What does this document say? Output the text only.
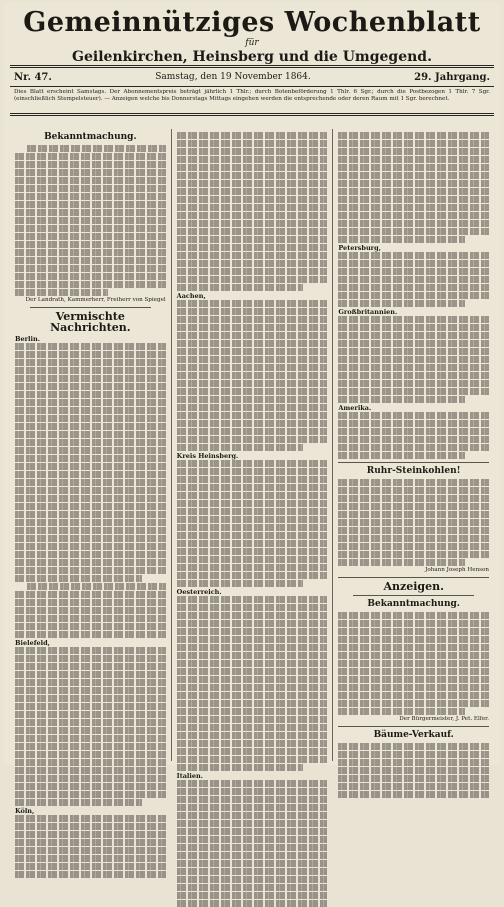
Gemeinnütziges Wochenblatt
für
Geilenkirchen, Heinsberg und die Umgegend.
Nr. 47.	Samstag, den 19 November 1864.	29. Jahrgang.
Dies Blatt erscheint Samstags. Der Abonnementspreis beträgt jährlich 1 Thlr.; durch Botenbeförderung 1 Thlr. 6 Sgr.; durch die Postbezogen 1 Thlr. 7 Sgr. (einschließlich Stempelsteuer). — Anzeigen welche bis Donnerstags Mittags eingehen werden die entsprechende oder deren Raum mit 1 Sgr. berechnet.
Bekanntmachung.
Der Landrath, Kammerherr, Freiherr von Spiegel
Vermischte Nachrichten.
Berlin.
Bielefeld,
Köln,
Aachen,
Kreis Heinsberg.
Oesterreich.
Italien.
Petersburg,
Großbritannien.
Amerika.
Ruhr-Steinkohlen!
Johann Joseph Henson
Anzeigen.
Bekanntmachung.
Der Bürgermeister, J. Pet. Elfer.
Bäume-Verkauf.
